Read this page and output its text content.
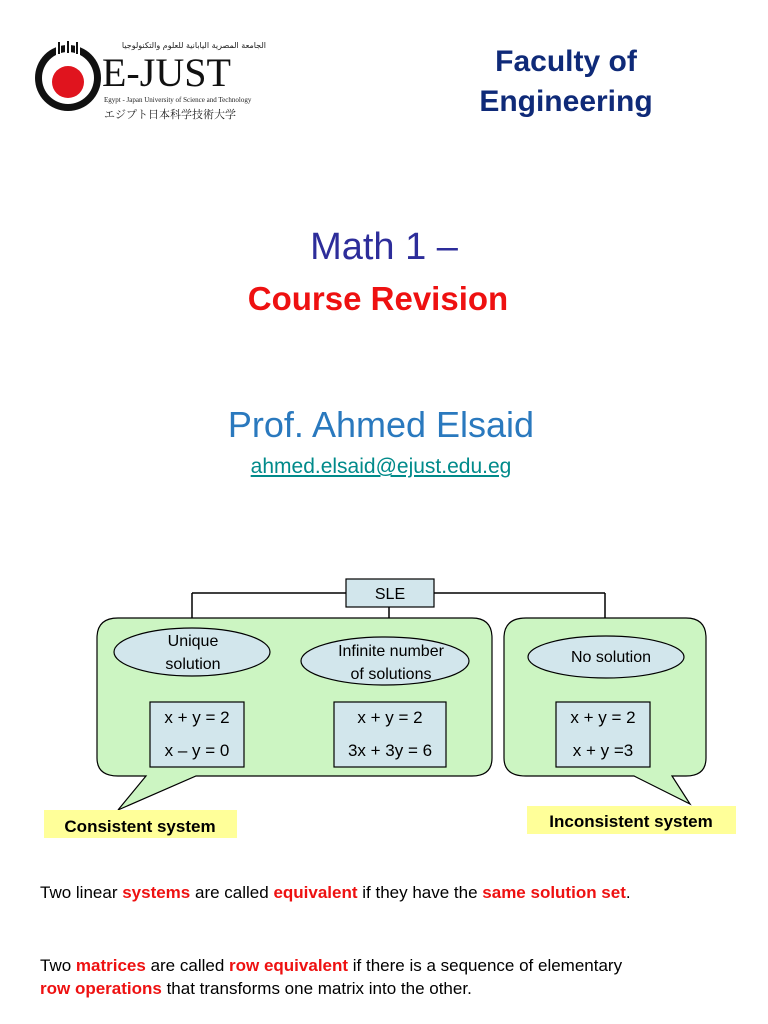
الجامعة المصرية اليابانية للعلوم والتكنولوجيا
E-JUST
Egypt - Japan University of Science and Technology
エジプト日本科学技術大学
Faculty of
Engineering
Math 1 –
Course Revision
Prof. Ahmed Elsaid
ahmed.elsaid@ejust.edu.eg
SLE
Unique
solution
Infinite number
of solutions
No solution
x + y = 2
x – y = 0
x + y = 2
3x + 3y = 6
x + y = 2
x + y =3
Consistent system	Inconsistent system
Two linear systems are called equivalent if they have the same solution set.
Two matrices are called row equivalent if there is a sequence of elementary
row operations that transforms one matrix into the other.
